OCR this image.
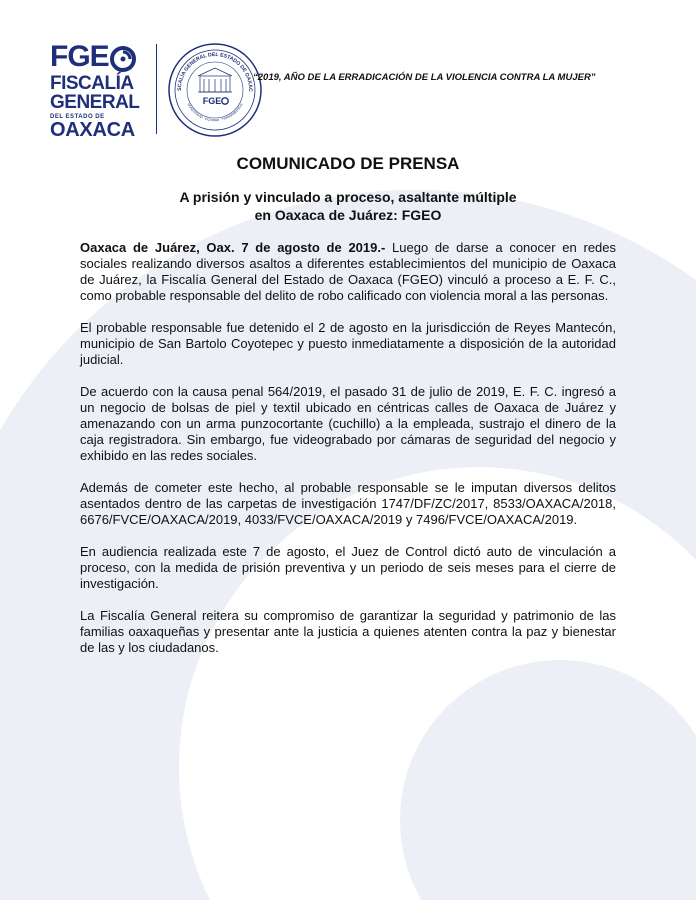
FGE
FISCALÍA
GENERAL
DEL ESTADO DE
OAXACA
SCALÍA GENERAL DEL ESTADO DE OAXAC
HONESTIDAD · EQUIDAD · TRANSPARENCIA
FGE
“2019, AÑO DE LA ERRADICACIÓN DE LA VIOLENCIA CONTRA LA MUJER”
COMUNICADO DE PRENSA
A prisión y vinculado a proceso, asaltante múltiple
en Oaxaca de Juárez: FGEO

Oaxaca de Juárez, Oax. 7 de agosto de 2019.- Luego de darse a conocer en redes sociales realizando diversos asaltos a diferentes establecimientos del municipio de Oaxaca de Juárez, la Fiscalía General del Estado de Oaxaca (FGEO) vinculó a proceso a E. F. C., como probable responsable del delito de robo calificado con violencia moral a las personas.

El probable responsable fue detenido el 2 de agosto en la jurisdicción de Reyes Mantecón, municipio de San Bartolo Coyotepec y puesto inmediatamente a disposición de la autoridad judicial.

De acuerdo con la causa penal 564/2019, el pasado 31 de julio de 2019, E. F. C. ingresó a un negocio de bolsas de piel y textil ubicado en céntricas calles de Oaxaca de Juárez y amenazando con un arma punzocortante (cuchillo) a la empleada, sustrajo el dinero de la caja registradora. Sin embargo, fue videograbado por cámaras de seguridad del negocio y exhibido en las redes sociales.

Además de cometer este hecho, al probable responsable se le imputan diversos delitos asentados dentro de las carpetas de investigación 1747/DF/ZC/2017, 8533/OAXACA/2018, 6676/FVCE/OAXACA/2019, 4033/FVCE/OAXACA/2019 y 7496/FVCE/OAXACA/2019.

En audiencia realizada este 7 de agosto, el Juez de Control dictó auto de vinculación a proceso, con la medida de prisión preventiva y un periodo de seis meses para el cierre de investigación.

La Fiscalía General reitera su compromiso de garantizar la seguridad y patrimonio de las familias oaxaqueñas y presentar ante la justicia a quienes atenten contra la paz y bienestar de las y los ciudadanos.
